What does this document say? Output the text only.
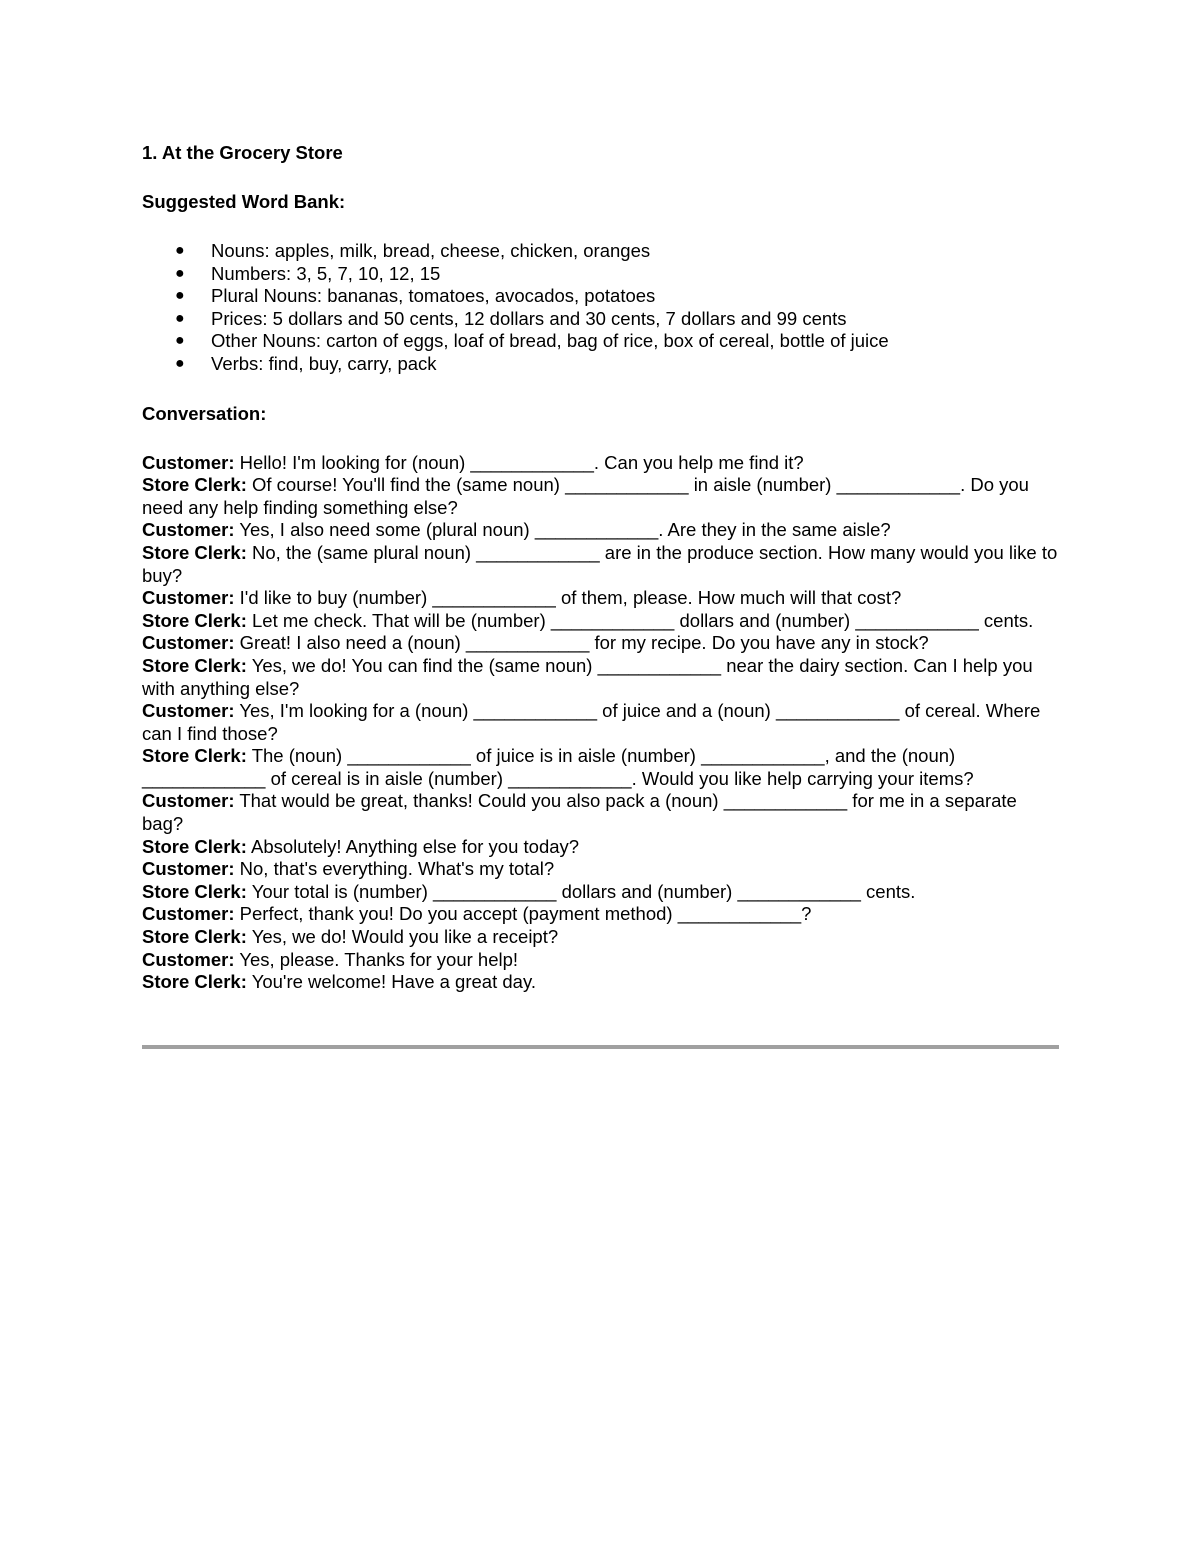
1. At the Grocery Store

Suggested Word Bank:

● Nouns: apples, milk, bread, cheese, chicken, oranges
● Numbers: 3, 5, 7, 10, 12, 15
● Plural Nouns: bananas, tomatoes, avocados, potatoes
● Prices: 5 dollars and 50 cents, 12 dollars and 30 cents, 7 dollars and 99 cents
● Other Nouns: carton of eggs, loaf of bread, bag of rice, box of cereal, bottle of juice
● Verbs: find, buy, carry, pack

Conversation:

Customer: Hello! I'm looking for (noun) ____________. Can you help me find it?

Store Clerk: Of course! You'll find the (same noun) ____________ in aisle (number) ____________. Do you need any help finding something else?

Customer: Yes, I also need some (plural noun) ____________. Are they in the same aisle?

Store Clerk: No, the (same plural noun) ____________ are in the produce section. How many would you like to buy?

Customer: I'd like to buy (number) ____________ of them, please. How much will that cost?

Store Clerk: Let me check. That will be (number) ____________ dollars and (number) ____________ cents.

Customer: Great! I also need a (noun) ____________ for my recipe. Do you have any in stock?

Store Clerk: Yes, we do! You can find the (same noun) ____________ near the dairy section. Can I help you with anything else?

Customer: Yes, I'm looking for a (noun) ____________ of juice and a (noun) ____________ of cereal. Where can I find those?

Store Clerk: The (noun) ____________ of juice is in aisle (number) ____________, and the (noun) ____________ of cereal is in aisle (number) ____________. Would you like help carrying your items?

Customer: That would be great, thanks! Could you also pack a (noun) ____________ for me in a separate bag?

Store Clerk: Absolutely! Anything else for you today?

Customer: No, that's everything. What's my total?

Store Clerk: Your total is (number) ____________ dollars and (number) ____________ cents.

Customer: Perfect, thank you! Do you accept (payment method) ____________?

Store Clerk: Yes, we do! Would you like a receipt?

Customer: Yes, please. Thanks for your help!

Store Clerk: You're welcome! Have a great day.
